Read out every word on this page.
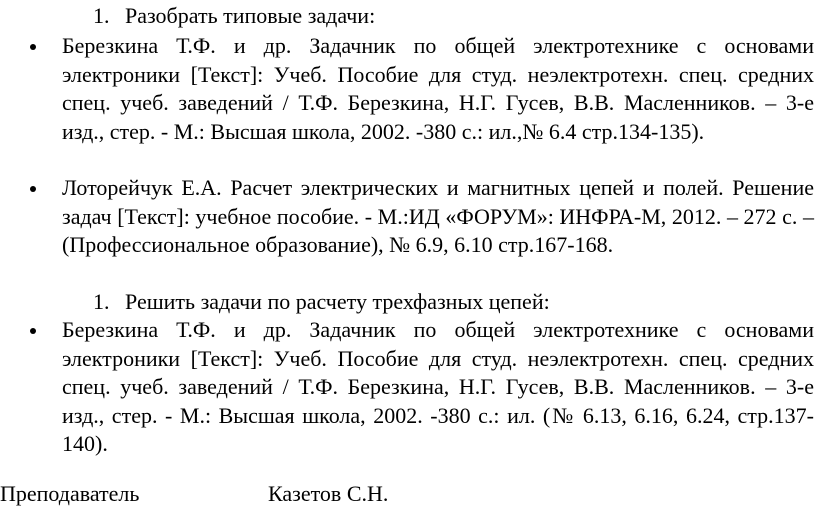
1. Разобрать типовые задачи:
Березкина Т.Ф. и др. Задачник по общей электротехнике с основами электроники [Текст]: Учеб. Пособие для студ. неэлектротехн. спец. средних спец. учеб. заведений / Т.Ф. Березкина, Н.Г. Гусев, В.В. Масленников. – 3-е изд., стер. - М.: Высшая школа, 2002. -380 с.: ил.,№ 6.4 стр.134-135).
Лоторейчук Е.А. Расчет электрических и магнитных цепей и полей. Решение задач [Текст]: учебное пособие. - М.:ИД «ФОРУМ»: ИНФРА-М, 2012. – 272 с. – (Профессиональное образование), № 6.9, 6.10 стр.167-168.
1. Решить задачи по расчету трехфазных цепей:
Березкина Т.Ф. и др. Задачник по общей электротехнике с основами электроники [Текст]: Учеб. Пособие для студ. неэлектротехн. спец. средних спец. учеб. заведений / Т.Ф. Березкина, Н.Г. Гусев, В.В. Масленников. – 3-е изд., стер. - М.: Высшая школа, 2002. -380 с.: ил. (№ 6.13, 6.16, 6.24, стр.137-140).
Преподаватель	Казетов С.Н.
